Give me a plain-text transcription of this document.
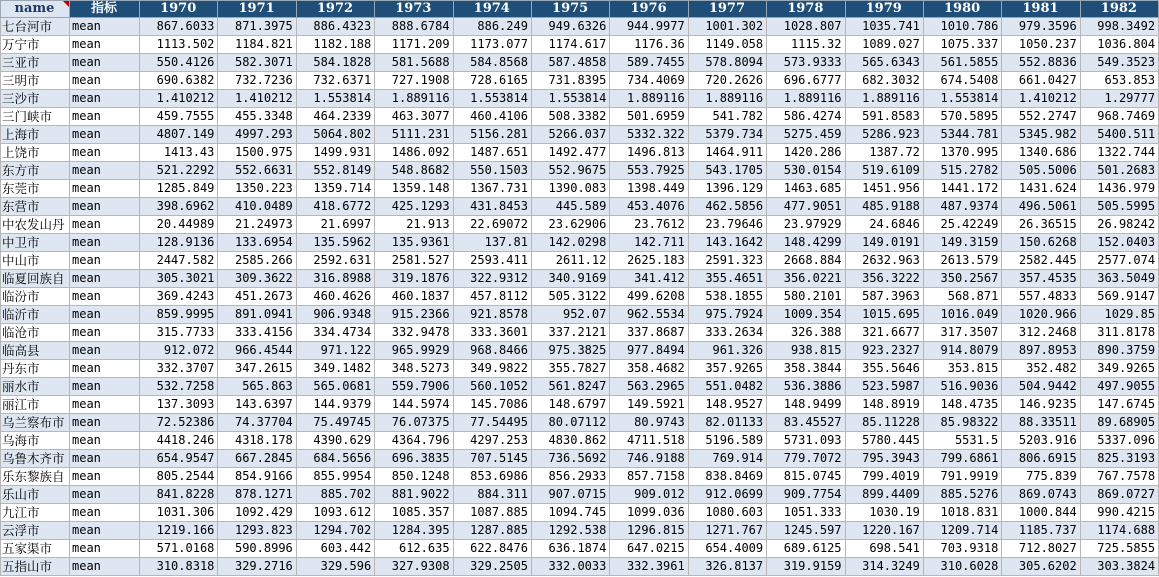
name	指标	1970	1971	1972	1973	1974	1975	1976	1977	1978	1979	1980	1981	1982
七台河市	mean	867.6033	871.3975	886.4323	888.6784	886.249	949.6326	944.9977	1001.302	1028.807	1035.741	1010.786	979.3596	998.3492
万宁市	mean	1113.502	1184.821	1182.188	1171.209	1173.077	1174.617	1176.36	1149.058	1115.32	1089.027	1075.337	1050.237	1036.804
三亚市	mean	550.4126	582.3071	584.1828	581.5688	584.8568	587.4858	589.7455	578.8094	573.9333	565.6343	561.5855	552.8836	549.3523
三明市	mean	690.6382	732.7236	732.6371	727.1908	728.6165	731.8395	734.4069	720.2626	696.6777	682.3032	674.5408	661.0427	653.853
三沙市	mean	1.410212	1.410212	1.553814	1.889116	1.553814	1.553814	1.889116	1.889116	1.889116	1.889116	1.553814	1.410212	1.29777
三门峡市	mean	459.7555	455.3348	464.2339	463.3077	460.4106	508.3382	501.6959	541.782	586.4274	591.8583	570.5895	552.2747	968.7469
上海市	mean	4807.149	4997.293	5064.802	5111.231	5156.281	5266.037	5332.322	5379.734	5275.459	5286.923	5344.781	5345.982	5400.511
上饶市	mean	1413.43	1500.975	1499.931	1486.092	1487.651	1492.477	1496.813	1464.911	1420.286	1387.72	1370.995	1340.686	1322.744
东方市	mean	521.2292	552.6631	552.8149	548.8682	550.1503	552.9675	553.7925	543.1705	530.0154	519.6109	515.2782	505.5006	501.2683
东莞市	mean	1285.849	1350.223	1359.714	1359.148	1367.731	1390.083	1398.449	1396.129	1463.685	1451.956	1441.172	1431.624	1436.979
东营市	mean	398.6962	410.0489	418.6772	425.1293	431.8453	445.589	453.4076	462.5856	477.9051	485.9188	487.9374	496.5061	505.5995
中农发山丹	mean	20.44989	21.24973	21.6997	21.913	22.69072	23.62906	23.7612	23.79646	23.97929	24.6846	25.42249	26.36515	26.98242
中卫市	mean	128.9136	133.6954	135.5962	135.9361	137.81	142.0298	142.711	143.1642	148.4299	149.0191	149.3159	150.6268	152.0403
中山市	mean	2447.582	2585.266	2592.631	2581.527	2593.411	2611.12	2625.183	2591.323	2668.884	2632.963	2613.579	2582.445	2577.074
临夏回族自	mean	305.3021	309.3622	316.8988	319.1876	322.9312	340.9169	341.412	355.4651	356.0221	356.3222	350.2567	357.4535	363.5049
临汾市	mean	369.4243	451.2673	460.4626	460.1837	457.8112	505.3122	499.6208	538.1855	580.2101	587.3963	568.871	557.4833	569.9147
临沂市	mean	859.9995	891.0941	906.9348	915.2366	921.8578	952.07	962.5534	975.7924	1009.354	1015.695	1016.049	1020.966	1029.85
临沧市	mean	315.7733	333.4156	334.4734	332.9478	333.3601	337.2121	337.8687	333.2634	326.388	321.6677	317.3507	312.2468	311.8178
临高县	mean	912.072	966.4544	971.122	965.9929	968.8466	975.3825	977.8494	961.326	938.815	923.2327	914.8079	897.8953	890.3759
丹东市	mean	332.3707	347.2615	349.1482	348.5273	349.9822	355.7827	358.4682	357.9265	358.3844	355.5646	353.815	352.482	349.9265
丽水市	mean	532.7258	565.863	565.0681	559.7906	560.1052	561.8247	563.2965	551.0482	536.3886	523.5987	516.9036	504.9442	497.9055
丽江市	mean	137.3093	143.6397	144.9379	144.5974	145.7086	148.6797	149.5921	148.9527	148.9499	148.8919	148.4735	146.9235	147.6745
乌兰察布市	mean	72.52386	74.37704	75.49745	76.07375	77.54495	80.07112	80.9743	82.01133	83.45527	85.11228	85.98322	88.33511	89.68905
乌海市	mean	4418.246	4318.178	4390.629	4364.796	4297.253	4830.862	4711.518	5196.589	5731.093	5780.445	5531.5	5203.916	5337.096
乌鲁木齐市	mean	654.9547	667.2845	684.5656	696.3835	707.5145	736.5692	746.9188	769.914	779.7072	795.3943	799.6861	806.6915	825.3193
乐东黎族自	mean	805.2544	854.9166	855.9954	850.1248	853.6986	856.2933	857.7158	838.8469	815.0745	799.4019	791.9919	775.839	767.7578
乐山市	mean	841.8228	878.1271	885.702	881.9022	884.311	907.0715	909.012	912.0699	909.7754	899.4409	885.5276	869.0743	869.0727
九江市	mean	1031.306	1092.429	1093.612	1085.357	1087.885	1094.745	1099.036	1080.603	1051.333	1030.19	1018.831	1000.844	990.4215
云浮市	mean	1219.166	1293.823	1294.702	1284.395	1287.885	1292.538	1296.815	1271.767	1245.597	1220.167	1209.714	1185.737	1174.688
五家渠市	mean	571.0168	590.8996	603.442	612.635	622.8476	636.1874	647.0215	654.4009	689.6125	698.541	703.9318	712.8027	725.5855
五指山市	mean	310.8318	329.2716	329.596	327.9308	329.2505	332.0033	332.3961	326.8137	319.9159	314.3249	310.6028	305.6202	303.3824
